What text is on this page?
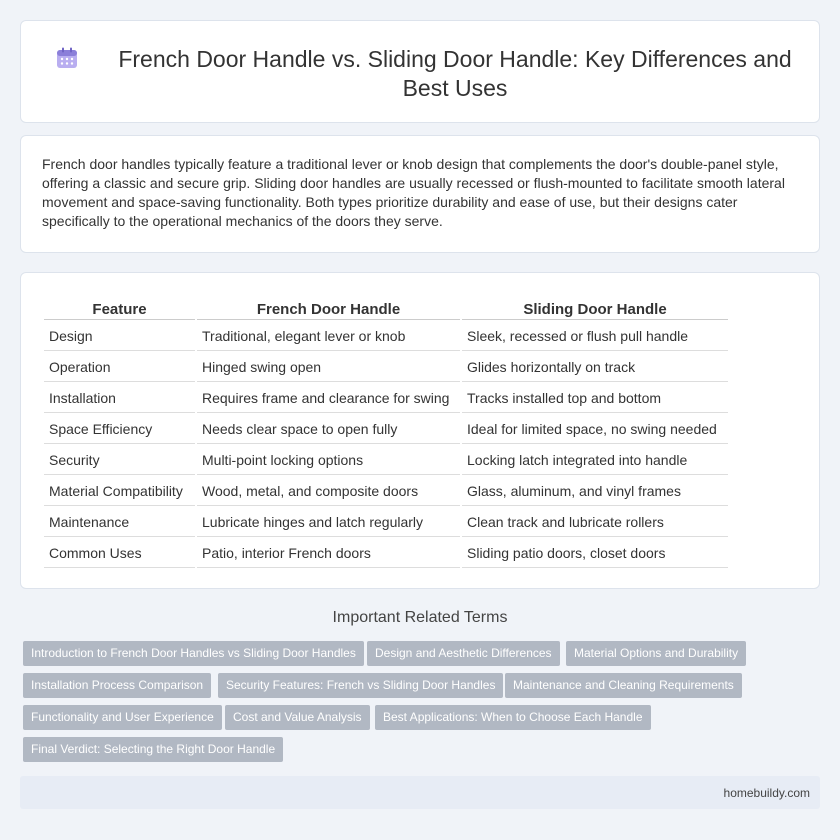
French Door Handle vs. Sliding Door Handle: Key Differences and Best Uses

French door handles typically feature a traditional lever or knob design that complements the door's double-panel style, offering a classic and secure grip. Sliding door handles are usually recessed or flush-mounted to facilitate smooth lateral movement and space-saving functionality. Both types prioritize durability and ease of use, but their designs cater specifically to the operational mechanics of the doors they serve.

Feature	French Door Handle	Sliding Door Handle
Design	Traditional, elegant lever or knob	Sleek, recessed or flush pull handle
Operation	Hinged swing open	Glides horizontally on track
Installation	Requires frame and clearance for swing	Tracks installed top and bottom
Space Efficiency	Needs clear space to open fully	Ideal for limited space, no swing needed
Security	Multi-point locking options	Locking latch integrated into handle
Material Compatibility	Wood, metal, and composite doors	Glass, aluminum, and vinyl frames
Maintenance	Lubricate hinges and latch regularly	Clean track and lubricate rollers
Common Uses	Patio, interior French doors	Sliding patio doors, closet doors
Important Related Terms
Introduction to French Door Handles vs Sliding Door Handles	Design and Aesthetic Differences	Material Options and Durability
Installation Process Comparison	Security Features: French vs Sliding Door Handles	Maintenance and Cleaning Requirements
Functionality and User Experience	Cost and Value Analysis	Best Applications: When to Choose Each Handle
Final Verdict: Selecting the Right Door Handle
homebuildy.com
